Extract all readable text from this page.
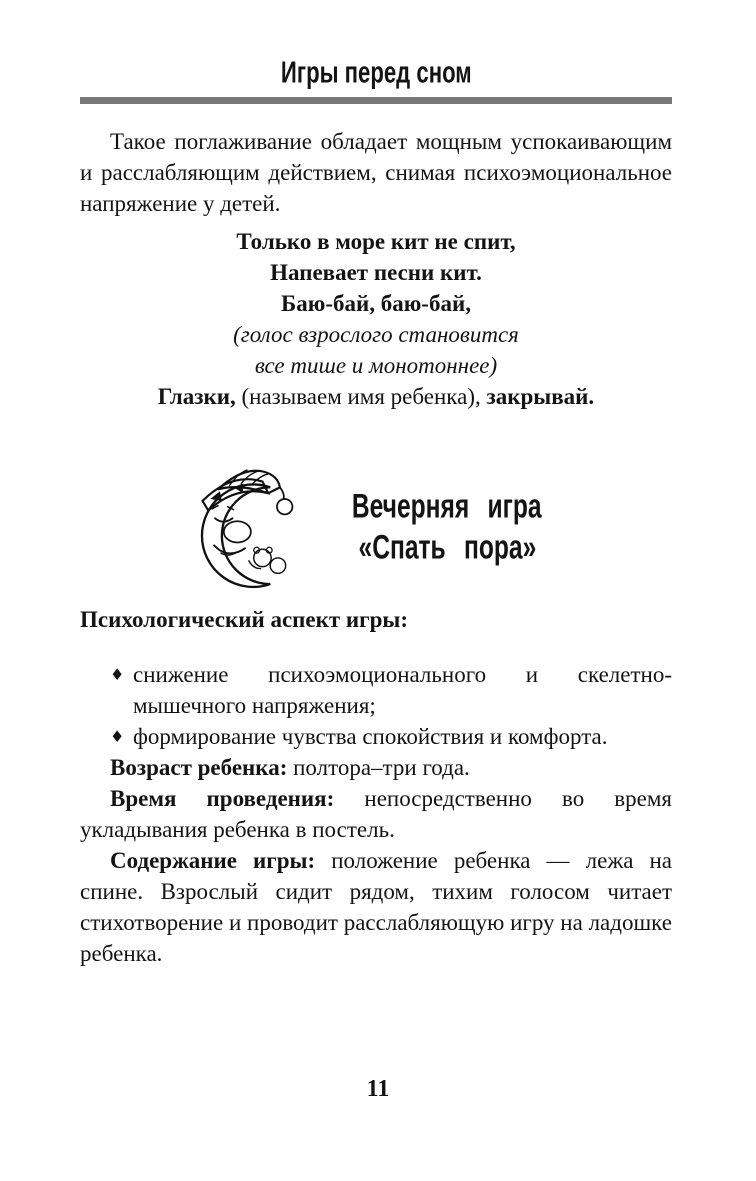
Игры перед сном

Такое поглаживание обладает мощным успокаивающим и расслабляющим действием, снимая психоэмоциональное напряжение у детей.

Только в море кит не спит,

Напевает песни кит.

Баю-бай, баю-бай,

(голос взрослого становится

все тише и монотоннее)

Глазки, (называем имя ребенка), закрывай.

Вечерняя игра
«Спать пора»

Психологический аспект игры:

♦ снижение психоэмоционального и скелетно-мышечного напряжения;

♦ формирование чувства спокойствия и комфорта.

Возраст ребенка: полтора–три года.

Время проведения: непосредственно во время укладывания ребенка в постель.

Содержание игры: положение ребенка — лежа на спине. Взрослый сидит рядом, тихим голосом читает стихотворение и проводит расслабляющую игру на ладошке ребенка.

11
